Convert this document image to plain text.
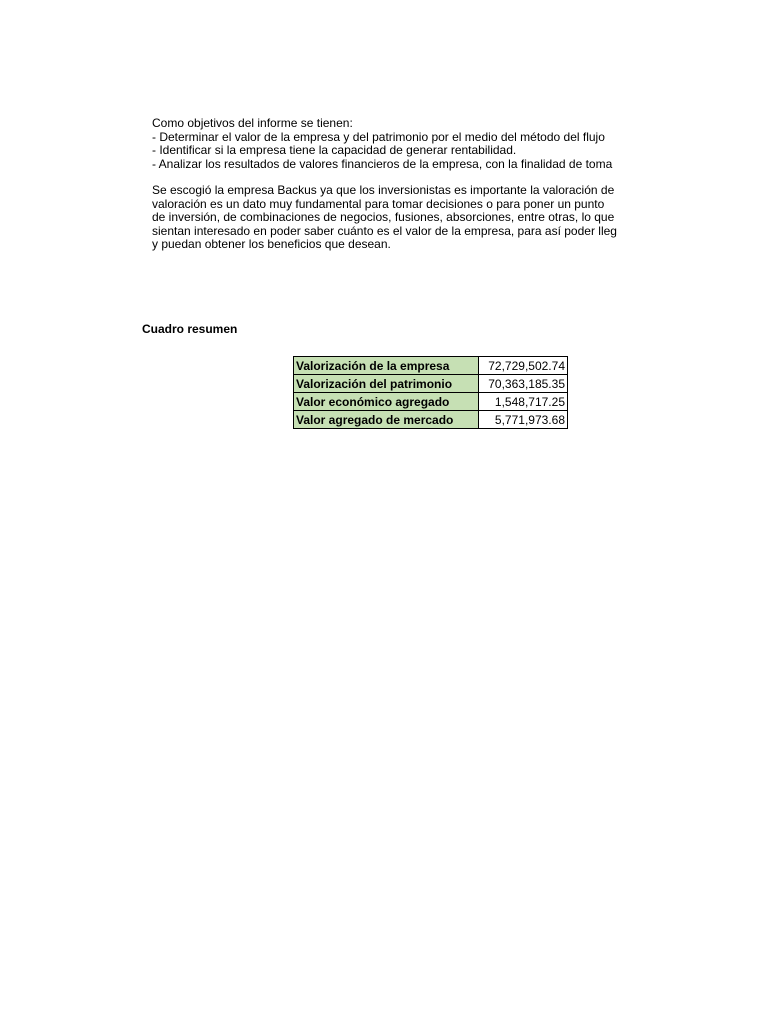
Como objetivos del informe se tienen:
- Determinar el valor de la empresa y del patrimonio por el medio del método del flujo
- Identificar si la empresa tiene la capacidad de generar rentabilidad.
- Analizar los resultados de valores financieros de la empresa, con la finalidad de toma
Se escogió la empresa Backus ya que los inversionistas es importante la valoración de
valoración es un dato muy fundamental para tomar decisiones o para poner un punto
de inversión, de combinaciones de negocios, fusiones, absorciones, entre otras, lo que
sientan interesado en poder saber cuánto es el valor de la empresa, para así poder lleg
y puedan obtener los beneficios que desean.
Cuadro resumen
Valorización de la empresa	72,729,502.74
Valorización del patrimonio	70,363,185.35
Valor económico agregado	1,548,717.25
Valor agregado de mercado	5,771,973.68
